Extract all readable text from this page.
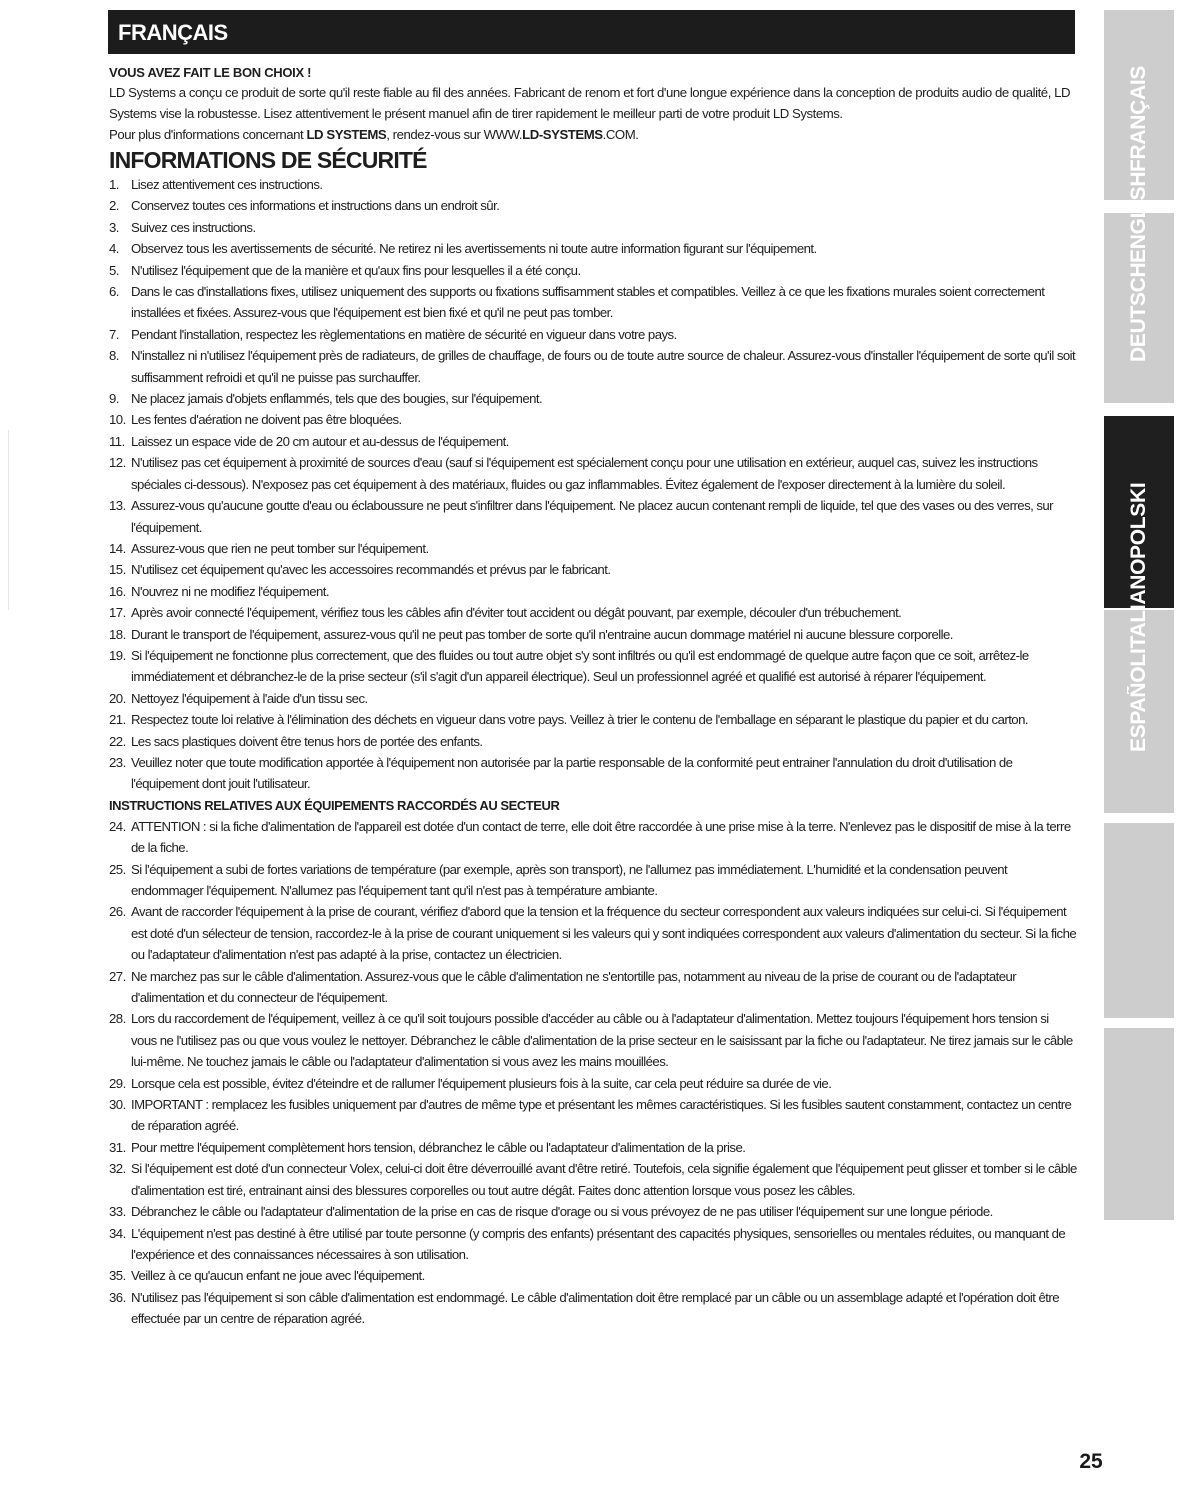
FRANÇAIS

VOUS AVEZ FAIT LE BON CHOIX !

LD Systems a conçu ce produit de sorte qu'il reste fiable au fil des années. Fabricant de renom et fort d'une longue expérience dans la conception de produits audio de qualité, LD Systems vise la robustesse. Lisez attentivement le présent manuel afin de tirer rapidement le meilleur parti de votre produit LD Systems.
Pour plus d'informations concernant LD SYSTEMS, rendez-vous sur WWW.LD-SYSTEMS.COM.

INFORMATIONS DE SÉCURITÉ
1. Lisez attentivement ces instructions.
2. Conservez toutes ces informations et instructions dans un endroit sûr.
3. Suivez ces instructions.
4. Observez tous les avertissements de sécurité. Ne retirez ni les avertissements ni toute autre information figurant sur l'équipement.
5. N'utilisez l'équipement que de la manière et qu'aux fins pour lesquelles il a été conçu.
6. Dans le cas d'installations fixes, utilisez uniquement des supports ou fixations suffisamment stables et compatibles. Veillez à ce que les fixations murales soient correctement installées et fixées. Assurez-vous que l'équipement est bien fixé et qu'il ne peut pas tomber.
7. Pendant l'installation, respectez les règlementations en matière de sécurité en vigueur dans votre pays.
8. N'installez ni n'utilisez l'équipement près de radiateurs, de grilles de chauffage, de fours ou de toute autre source de chaleur. Assurez-vous d'installer l'équipement de sorte qu'il soit suffisamment refroidi et qu'il ne puisse pas surchauffer.
9. Ne placez jamais d'objets enflammés, tels que des bougies, sur l'équipement.
10. Les fentes d'aération ne doivent pas être bloquées.
11. Laissez un espace vide de 20 cm autour et au-dessus de l'équipement.
12. N'utilisez pas cet équipement à proximité de sources d'eau (sauf si l'équipement est spécialement conçu pour une utilisation en extérieur, auquel cas, suivez les instructions spéciales ci-dessous). N'exposez pas cet équipement à des matériaux, fluides ou gaz inflammables. Évitez également de l'exposer directement à la lumière du soleil.
13. Assurez-vous qu'aucune goutte d'eau ou éclaboussure ne peut s'infiltrer dans l'équipement. Ne placez aucun contenant rempli de liquide, tel que des vases ou des verres, sur l'équipement.
14. Assurez-vous que rien ne peut tomber sur l'équipement.
15. N'utilisez cet équipement qu'avec les accessoires recommandés et prévus par le fabricant.
16. N'ouvrez ni ne modifiez l'équipement.
17. Après avoir connecté l'équipement, vérifiez tous les câbles afin d'éviter tout accident ou dégât pouvant, par exemple, découler d'un trébuchement.
18. Durant le transport de l'équipement, assurez-vous qu'il ne peut pas tomber de sorte qu'il n'entraine aucun dommage matériel ni aucune blessure corporelle.
19. Si l'équipement ne fonctionne plus correctement, que des fluides ou tout autre objet s'y sont infiltrés ou qu'il est endommagé de quelque autre façon que ce soit, arrêtez-le immédiatement et débranchez-le de la prise secteur (s'il s'agit d'un appareil électrique). Seul un professionnel agréé et qualifié est autorisé à réparer l'équipement.
20. Nettoyez l'équipement à l'aide d'un tissu sec.
21. Respectez toute loi relative à l'élimination des déchets en vigueur dans votre pays. Veillez à trier le contenu de l'emballage en séparant le plastique du papier et du carton.
22. Les sacs plastiques doivent être tenus hors de portée des enfants.
23. Veuillez noter que toute modification apportée à l'équipement non autorisée par la partie responsable de la conformité peut entrainer l'annulation du droit d'utilisation de l'équipement dont jouit l'utilisateur.
INSTRUCTIONS RELATIVES AUX ÉQUIPEMENTS RACCORDÉS AU SECTEUR
24. ATTENTION : si la fiche d'alimentation de l'appareil est dotée d'un contact de terre, elle doit être raccordée à une prise mise à la terre. N'enlevez pas le dispositif de mise à la terre de la fiche.
25. Si l'équipement a subi de fortes variations de température (par exemple, après son transport), ne l'allumez pas immédiatement. L'humidité et la condensation peuvent endommager l'équipement. N'allumez pas l'équipement tant qu'il n'est pas à température ambiante.
26. Avant de raccorder l'équipement à la prise de courant, vérifiez d'abord que la tension et la fréquence du secteur correspondent aux valeurs indiquées sur celui-ci. Si l'équipement est doté d'un sélecteur de tension, raccordez-le à la prise de courant uniquement si les valeurs qui y sont indiquées correspondent aux valeurs d'alimentation du secteur. Si la fiche ou l'adaptateur d'alimentation n'est pas adapté à la prise, contactez un électricien.
27. Ne marchez pas sur le câble d'alimentation. Assurez-vous que le câble d'alimentation ne s'entortille pas, notamment au niveau de la prise de courant ou de l'adaptateur d'alimentation et du connecteur de l'équipement.
28. Lors du raccordement de l'équipement, veillez à ce qu'il soit toujours possible d'accéder au câble ou à l'adaptateur d'alimentation. Mettez toujours l'équipement hors tension si vous ne l'utilisez pas ou que vous voulez le nettoyer. Débranchez le câble d'alimentation de la prise secteur en le saisissant par la fiche ou l'adaptateur. Ne tirez jamais sur le câble lui-même. Ne touchez jamais le câble ou l'adaptateur d'alimentation si vous avez les mains mouillées.
29. Lorsque cela est possible, évitez d'éteindre et de rallumer l'équipement plusieurs fois à la suite, car cela peut réduire sa durée de vie.
30. IMPORTANT : remplacez les fusibles uniquement par d'autres de même type et présentant les mêmes caractéristiques. Si les fusibles sautent constamment, contactez un centre de réparation agréé.
31. Pour mettre l'équipement complètement hors tension, débranchez le câble ou l'adaptateur d'alimentation de la prise.
32. Si l'équipement est doté d'un connecteur Volex, celui-ci doit être déverrouillé avant d'être retiré. Toutefois, cela signifie également que l'équipement peut glisser et tomber si le câble d'alimentation est tiré, entrainant ainsi des blessures corporelles ou tout autre dégât. Faites donc attention lorsque vous posez les câbles.
33. Débranchez le câble ou l'adaptateur d'alimentation de la prise en cas de risque d'orage ou si vous prévoyez de ne pas utiliser l'équipement sur une longue période.
34. L'équipement n'est pas destiné à être utilisé par toute personne (y compris des enfants) présentant des capacités physiques, sensorielles ou mentales réduites, ou manquant de l'expérience et des connaissances nécessaires à son utilisation.
35. Veillez à ce qu'aucun enfant ne joue avec l'équipement.
36. N'utilisez pas l'équipement si son câble d'alimentation est endommagé. Le câble d'alimentation doit être remplacé par un câble ou un assemblage adapté et l'opération doit être effectuée par un centre de réparation agréé.
DEUTSCH
ENGLISH
FRANÇAIS
ESPAÑOL
ITALIANO
POLSKI
25
